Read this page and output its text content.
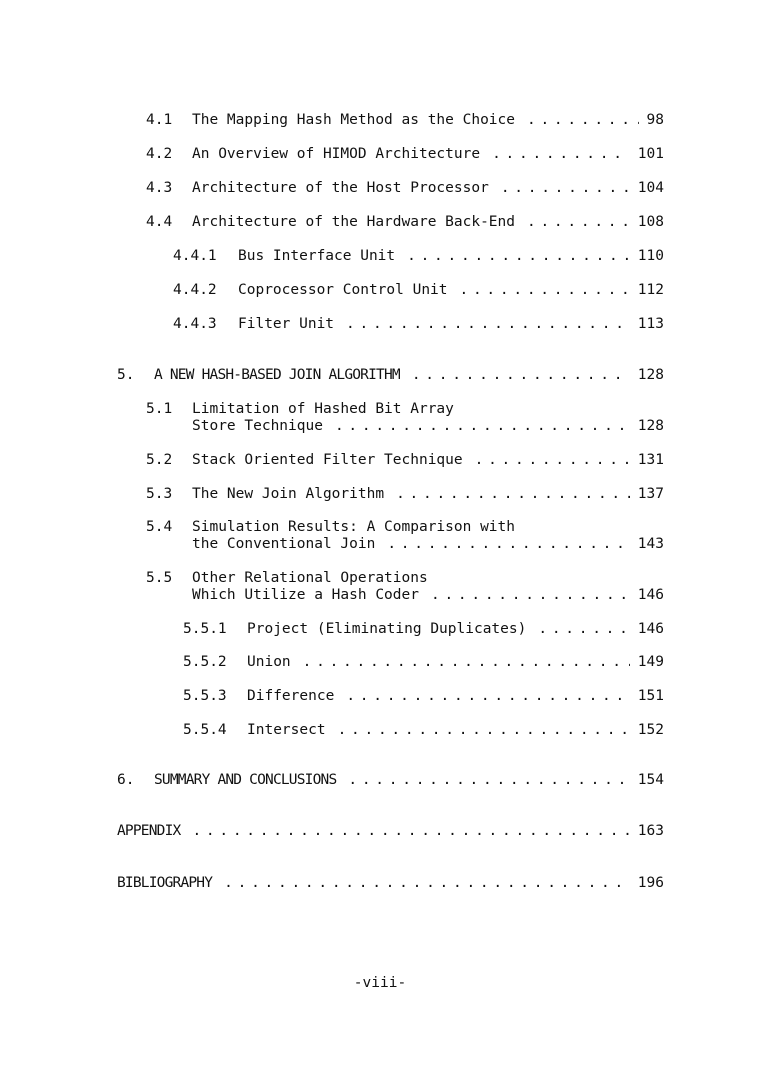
4.1	The Mapping Hash Method as the Choice . . .	98
4.2	An Overview of HIMOD Architecture . . .	101
4.3	Architecture of the Host Processor . . .	104
4.4	Architecture of the Hardware Back-End . . .	108
4.4.1	Bus Interface Unit . . .	110
4.4.2	Coprocessor Control Unit . . .	112
4.4.3	Filter Unit . . .	113
5.	A NEW HASH-BASED JOIN ALGORITHM . . .	128
5.1	Limitation of Hashed Bit Array
Store Technique . . .	128
5.2	Stack Oriented Filter Technique . . .	131
5.3	The New Join Algorithm . . .	137
5.4	Simulation Results: A Comparison with
the Conventional Join . . .	143
5.5	Other Relational Operations
Which Utilize a Hash Coder . . .	146
5.5.1	Project (Eliminating Duplicates) . . .	146
5.5.2	Union . . .	149
5.5.3	Difference . . .	151
5.5.4	Intersect . . .	152
6.	SUMMARY AND CONCLUSIONS . . .	154
APPENDIX . . .	163
BIBLIOGRAPHY . . .	196
-viii-
